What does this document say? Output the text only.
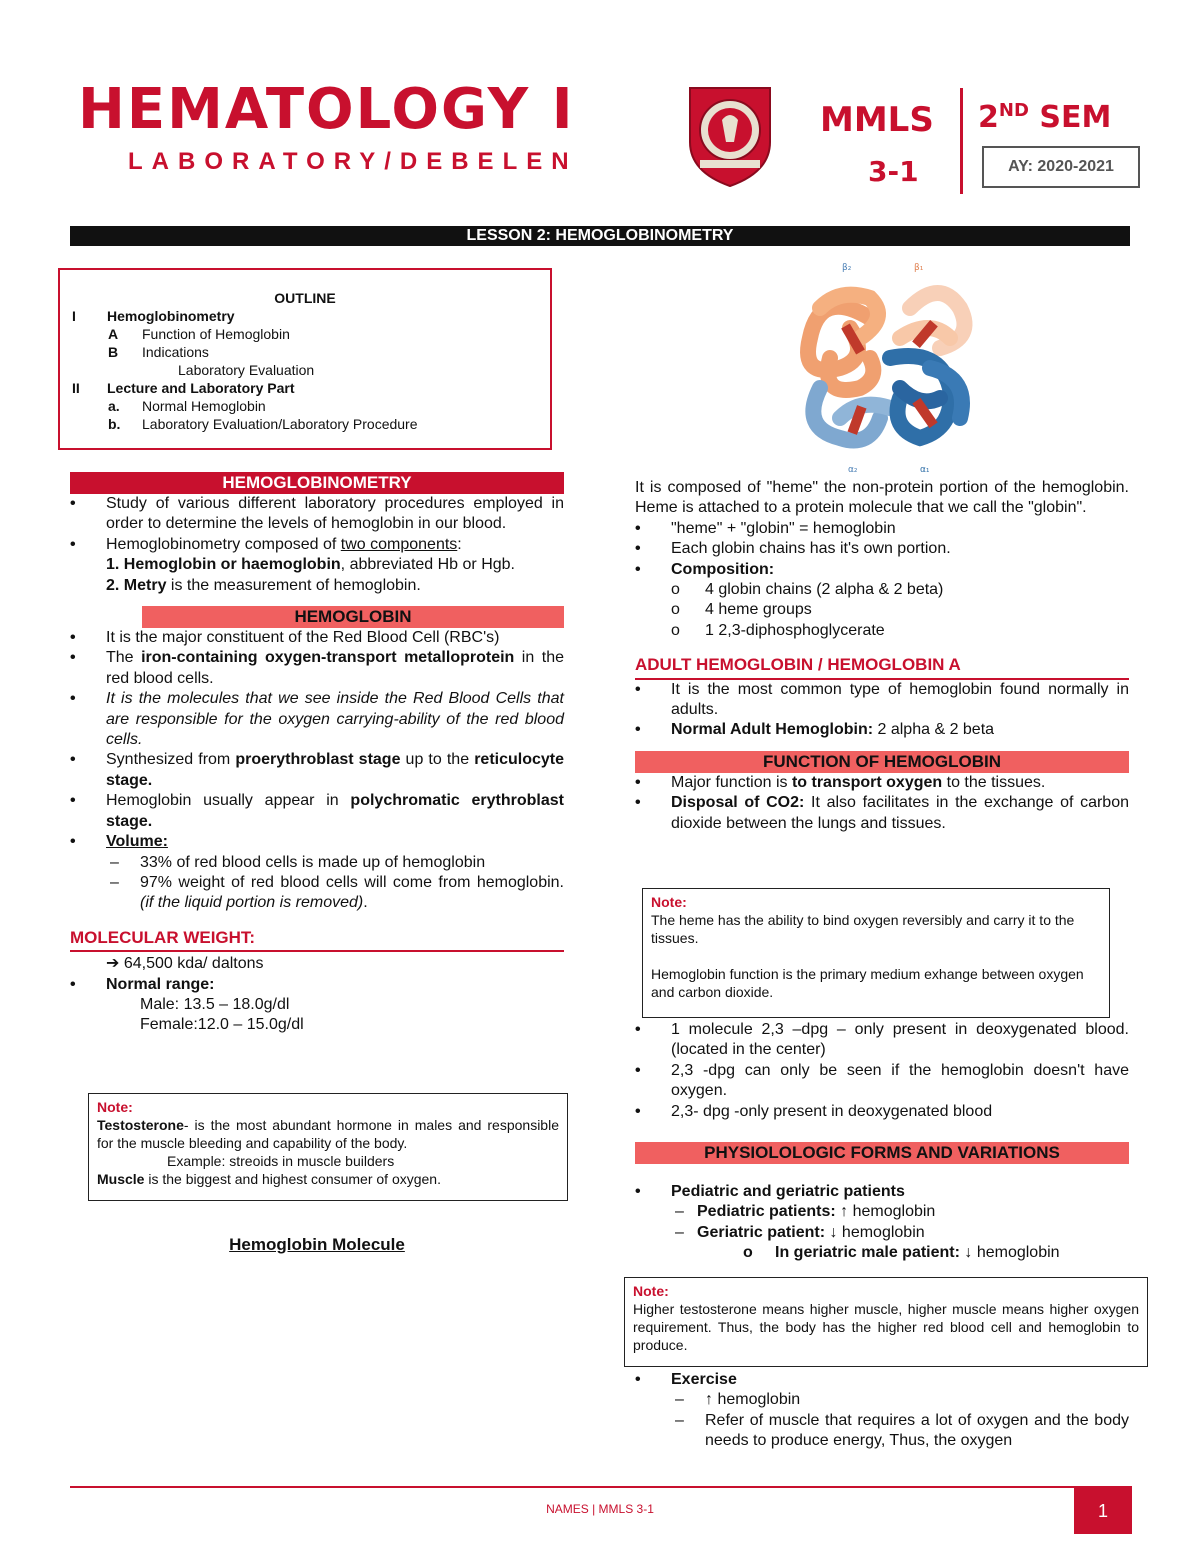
HEMATOLOGY I
LABORATORY/DEBELEN
MMLS
3-1
2ND SEM
AY: 2020-2021
LESSON 2: HEMOGLOBINOMETRY
OUTLINE
I Hemoglobinometry
A Function of Hemoglobin
B Indications
Laboratory Evaluation
II Lecture and Laboratory Part
a. Normal Hemoglobin
b. Laboratory Evaluation/Laboratory Procedure
HEMOGLOBINOMETRY
• Study of various different laboratory procedures employed in order to determine the levels of hemoglobin in our blood.
• Hemoglobinometry composed of two components:
1. Hemoglobin or haemoglobin, abbreviated Hb or Hgb.
2. Metry is the measurement of hemoglobin.
HEMOGLOBIN
• It is the major constituent of the Red Blood Cell (RBC's)
• The iron-containing oxygen-transport metalloprotein in the red blood cells.
• It is the molecules that we see inside the Red Blood Cells that are responsible for the oxygen carrying-ability of the red blood cells.
• Synthesized from proerythroblast stage up to the reticulocyte stage.
• Hemoglobin usually appear in polychromatic erythroblast stage.
• Volume:
– 33% of red blood cells is made up of hemoglobin
– 97% weight of red blood cells will come from hemoglobin. (if the liquid portion is removed).
MOLECULAR WEIGHT:
➔ 64,500 kda/ daltons
• Normal range:
Male: 13.5 – 18.0g/dl
Female:12.0 – 15.0g/dl
Note:
Testosterone- is the most abundant hormone in males and responsible for the muscle bleeding and capability of the body.
Example: streoids in muscle builders
Muscle is the biggest and highest consumer of oxygen.
Hemoglobin Molecule
β₂	β₁
α₂	α₁
It is composed of "heme" the non-protein portion of the hemoglobin. Heme is attached to a protein molecule that we call the "globin".
• "heme" + "globin" = hemoglobin
• Each globin chains has it's own portion.
• Composition:
o 4 globin chains (2 alpha & 2 beta)
o 4 heme groups
o 1 2,3-diphosphoglycerate
ADULT HEMOGLOBIN / HEMOGLOBIN A
• It is the most common type of hemoglobin found normally in adults.
• Normal Adult Hemoglobin: 2 alpha & 2 beta
FUNCTION OF HEMOGLOBIN
• Major function is to transport oxygen to the tissues.
• Disposal of CO2: It also facilitates in the exchange of carbon dioxide between the lungs and tissues.
Note:
The heme has the ability to bind oxygen reversibly and carry it to the tissues.
Hemoglobin function is the primary medium exhange between oxygen and carbon dioxide.
• 1 molecule 2,3 –dpg – only present in deoxygenated blood. (located in the center)
• 2,3 -dpg can only be seen if the hemoglobin doesn't have oxygen.
• 2,3- dpg -only present in deoxygenated blood
PHYSIOLOLOGIC FORMS AND VARIATIONS
• Pediatric and geriatric patients
– Pediatric patients: ↑ hemoglobin
– Geriatric patient: ↓ hemoglobin
o In geriatric male patient: ↓ hemoglobin
Note:
Higher testosterone means higher muscle, higher muscle means higher oxygen requirement. Thus, the body has the higher red blood cell and hemoglobin to produce.
• Exercise
– ↑ hemoglobin
– Refer of muscle that requires a lot of oxygen and the body needs to produce energy, Thus, the oxygen
NAMES | MMLS 3-1	1
